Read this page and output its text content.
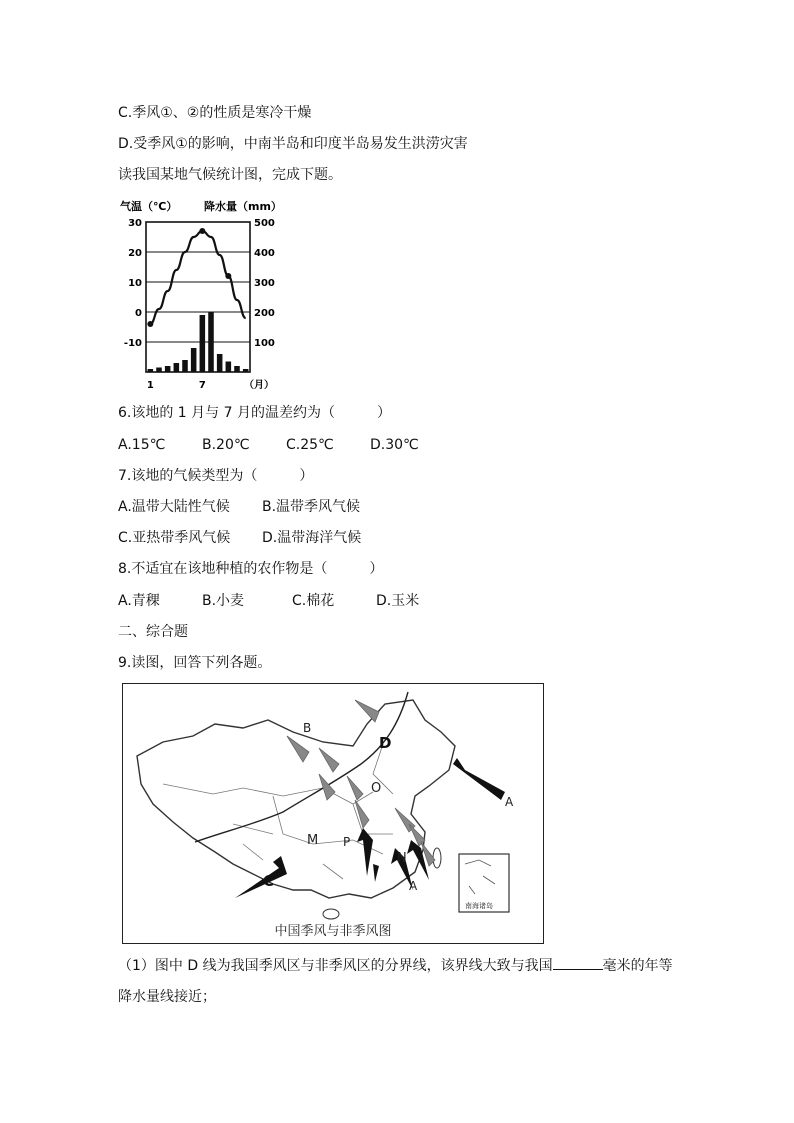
C.季风①、②的性质是寒冷干燥
D.受季风①的影响，中南半岛和印度半岛易发生洪涝灾害
读我国某地气候统计图，完成下题。
气温（℃） 降水量（mm）
30
20
10
0
-10
500
400
300
200
100
1	7	（月）
6.该地的 1 月与 7 月的温差约为（　　　）
A.15℃	B.20℃	C.25℃	D.30℃
7.该地的气候类型为（　　　）
A.温带大陆性气候 B.温带季风气候
C.亚热带季风气候 D.温带海洋气候
8.不适宜在该地种植的农作物是（　　　）
A.青稞	B.小麦	C.棉花	D.玉米
二、综合题
9.读图，回答下列各题。
B
D
O
M P
N
A
A
C
南海诸岛
中国季风与非季风图
（1）图中 D 线为我国季风区与非季风区的分界线，该界线大致与我国	毫米的年等
降水量线接近；
